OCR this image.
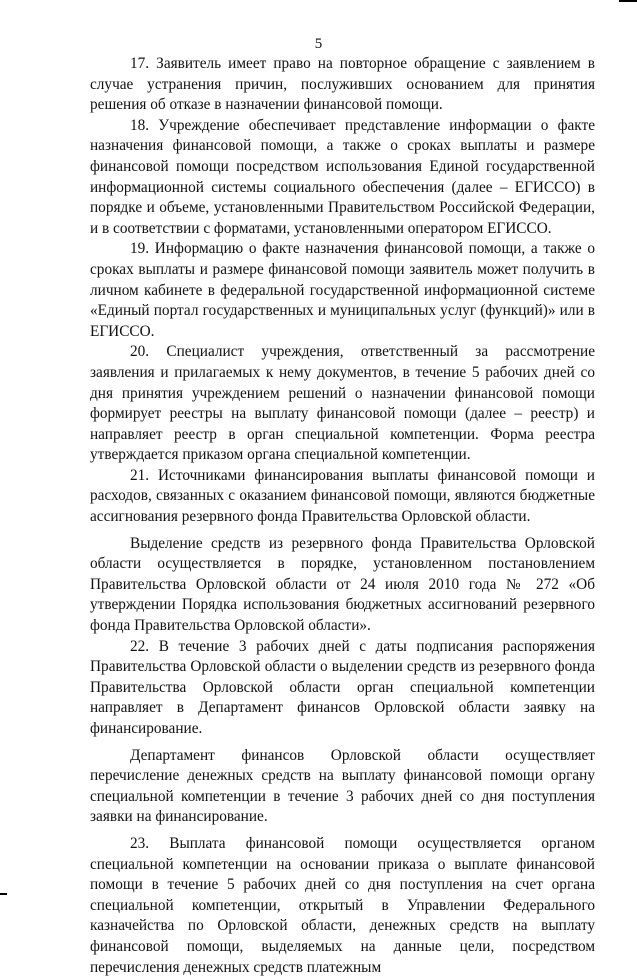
5

17. Заявитель имеет право на повторное обращение с заявлением в случае устранения причин, послуживших основанием для принятия решения об отказе в назначении финансовой помощи.

18. Учреждение обеспечивает представление информации о факте назначения финансовой помощи, а также о сроках выплаты и размере финансовой помощи посредством использования Единой государственной информационной системы социального обеспечения (далее – ЕГИССО) в порядке и объеме, установленными Правительством Российской Федерации, и в соответствии с форматами, установленными оператором ЕГИССО.

19. Информацию о факте назначения финансовой помощи, а также о сроках выплаты и размере финансовой помощи заявитель может получить в личном кабинете в федеральной государственной информационной системе «Единый портал государственных и муниципальных услуг (функций)» или в ЕГИССО.

20. Специалист учреждения, ответственный за рассмотрение заявления и прилагаемых к нему документов, в течение 5 рабочих дней со дня принятия учреждением решений о назначении финансовой помощи формирует реестры на выплату финансовой помощи (далее – реестр) и направляет реестр в орган специальной компетенции. Форма реестра утверждается приказом органа специальной компетенции.

21. Источниками финансирования выплаты финансовой помощи и расходов, связанных с оказанием финансовой помощи, являются бюджетные ассигнования резервного фонда Правительства Орловской области.

Выделение средств из резервного фонда Правительства Орловской области осуществляется в порядке, установленном постановлением Правительства Орловской области от 24 июля 2010 года № 272 «Об утверждении Порядка использования бюджетных ассигнований резервного фонда Правительства Орловской области».

22. В течение 3 рабочих дней с даты подписания распоряжения Правительства Орловской области о выделении средств из резервного фонда Правительства Орловской области орган специальной компетенции направляет в Департамент финансов Орловской области заявку на финансирование.

Департамент финансов Орловской области осуществляет перечисление денежных средств на выплату финансовой помощи органу специальной компетенции в течение 3 рабочих дней со дня поступления заявки на финансирование.

23. Выплата финансовой помощи осуществляется органом специальной компетенции на основании приказа о выплате финансовой помощи в течение 5 рабочих дней со дня поступления на счет органа специальной компетенции, открытый в Управлении Федерального казначейства по Орловской области, денежных средств на выплату финансовой помощи, выделяемых на данные цели, посредством перечисления денежных средств платежным
